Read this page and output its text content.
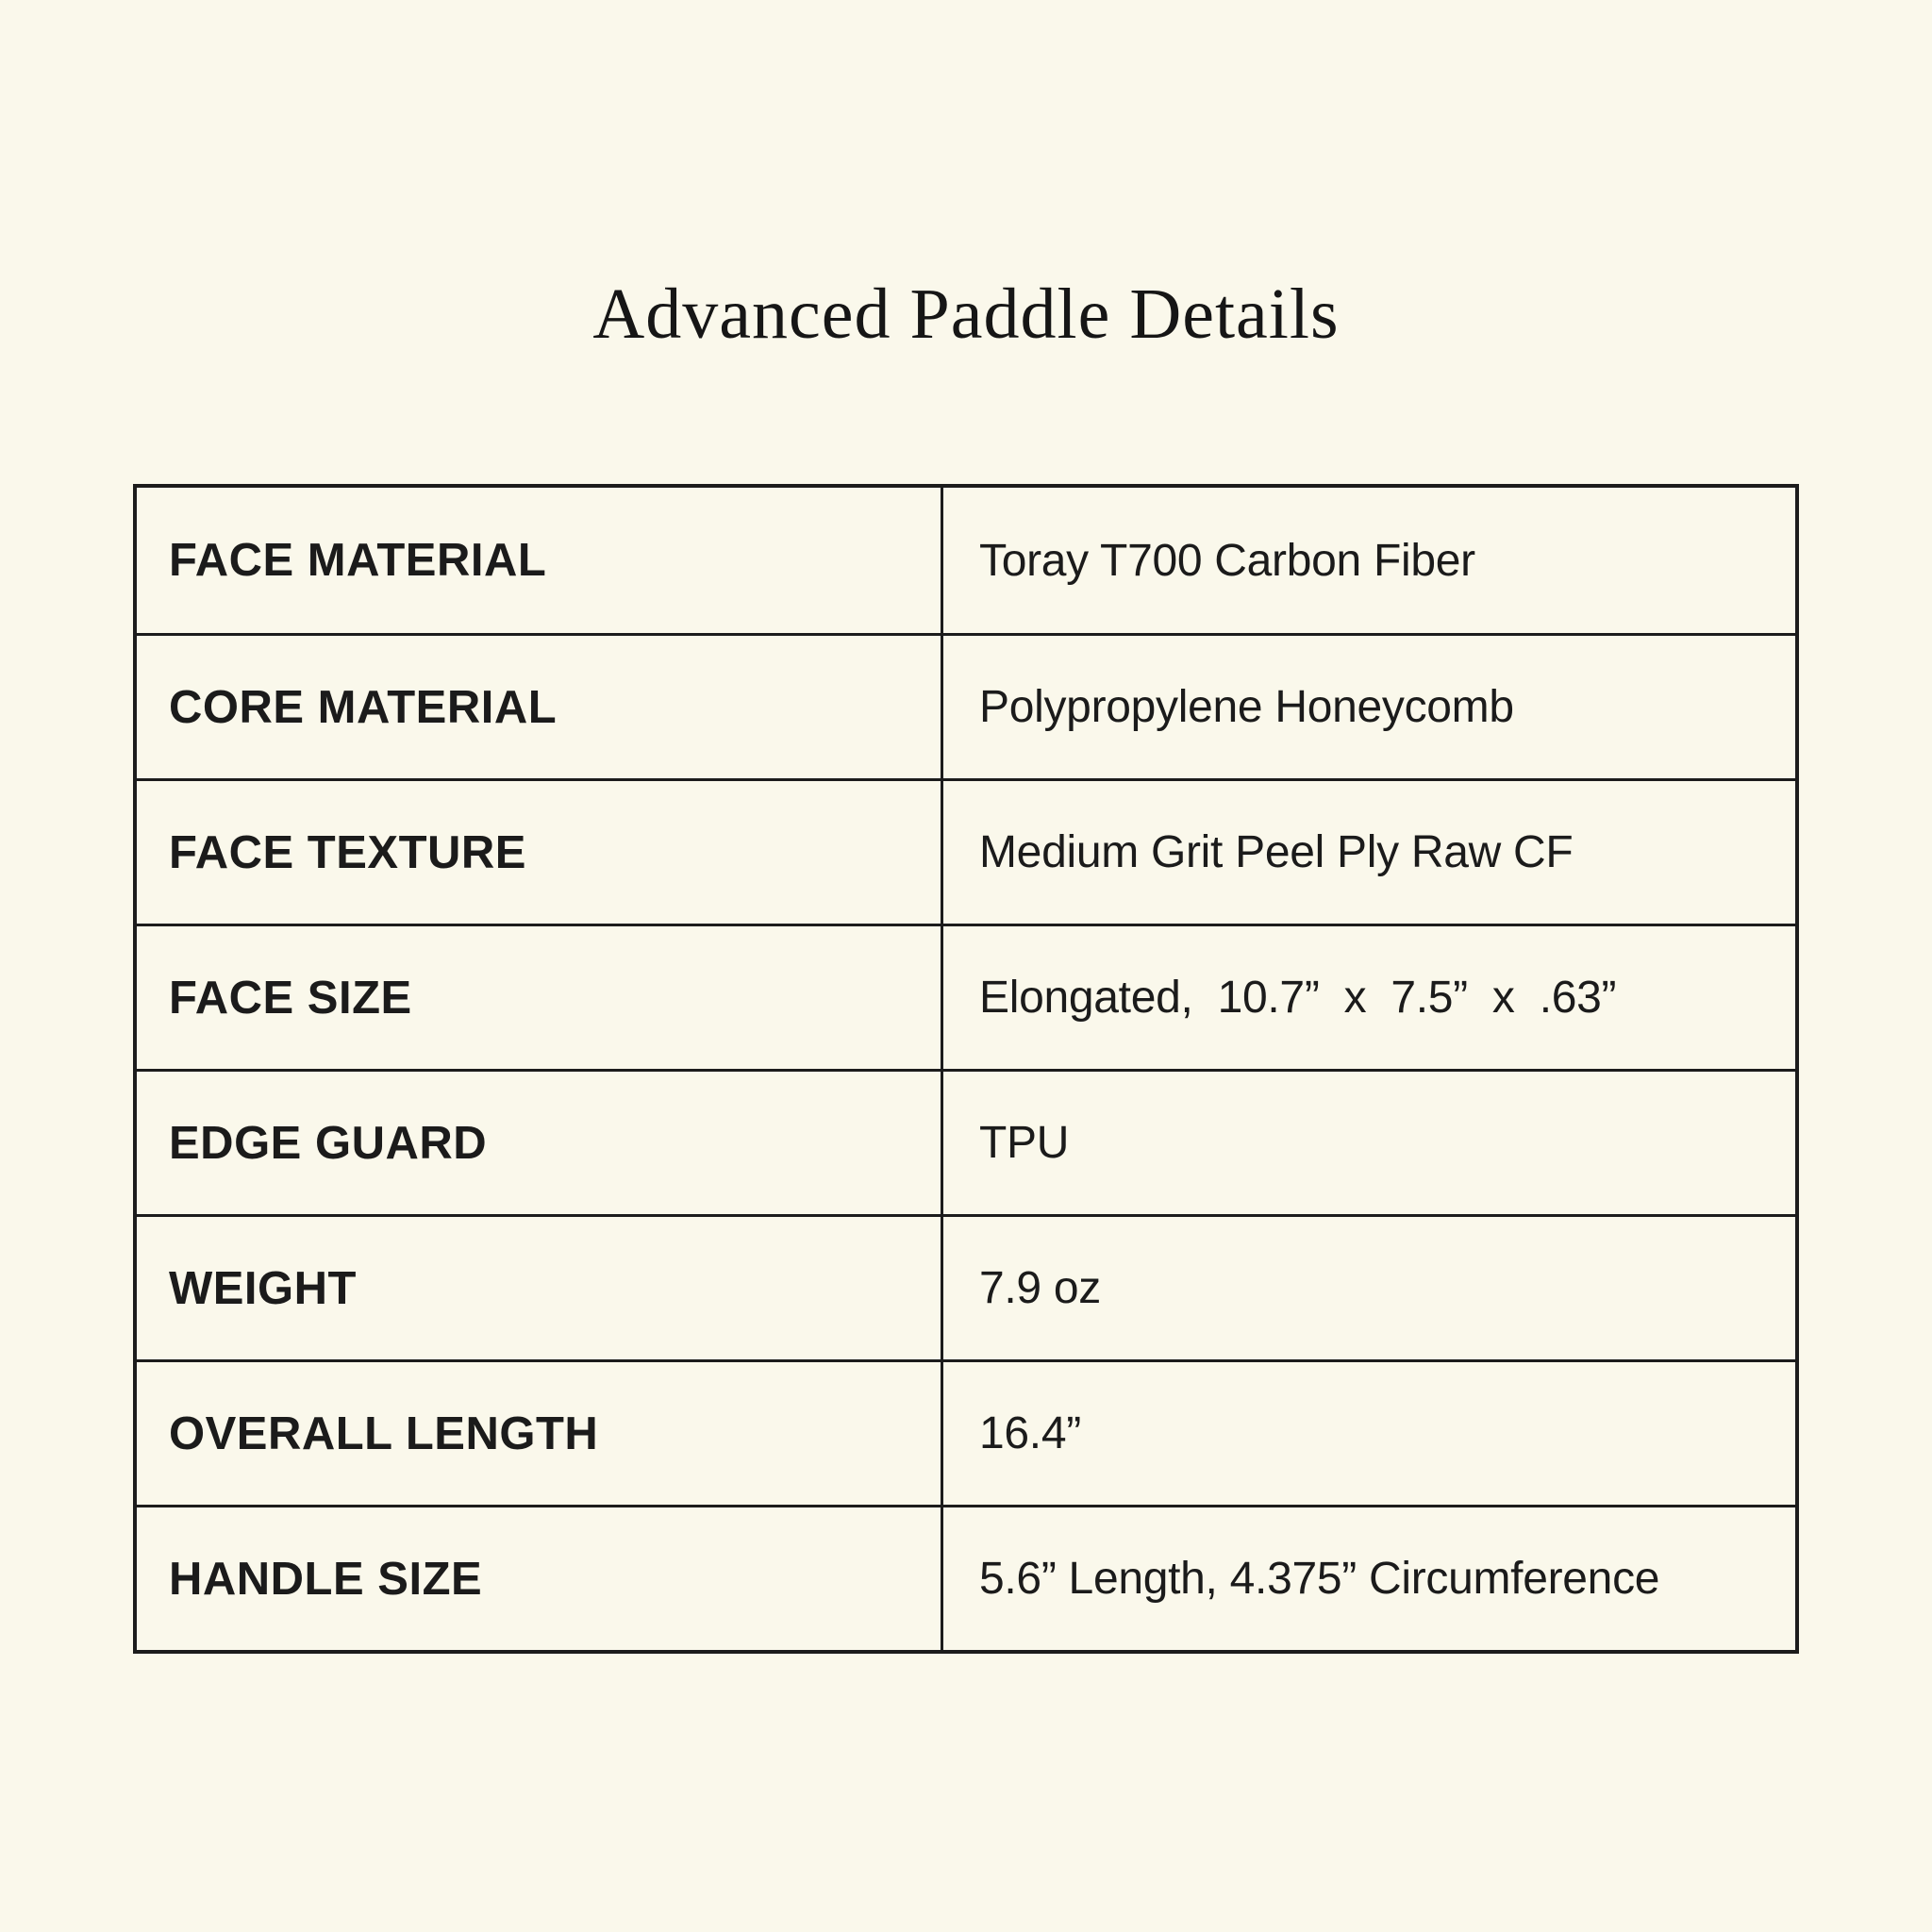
Advanced Paddle Details
FACE MATERIAL	Toray T700 Carbon Fiber
CORE MATERIAL	Polypropylene Honeycomb
FACE TEXTURE	Medium Grit Peel Ply Raw CF
FACE SIZE	Elongated,  10.7”  x  7.5”  x  .63”
EDGE GUARD	TPU
WEIGHT	7.9 oz
OVERALL LENGTH	16.4”
HANDLE SIZE	5.6” Length, 4.375” Circumference
